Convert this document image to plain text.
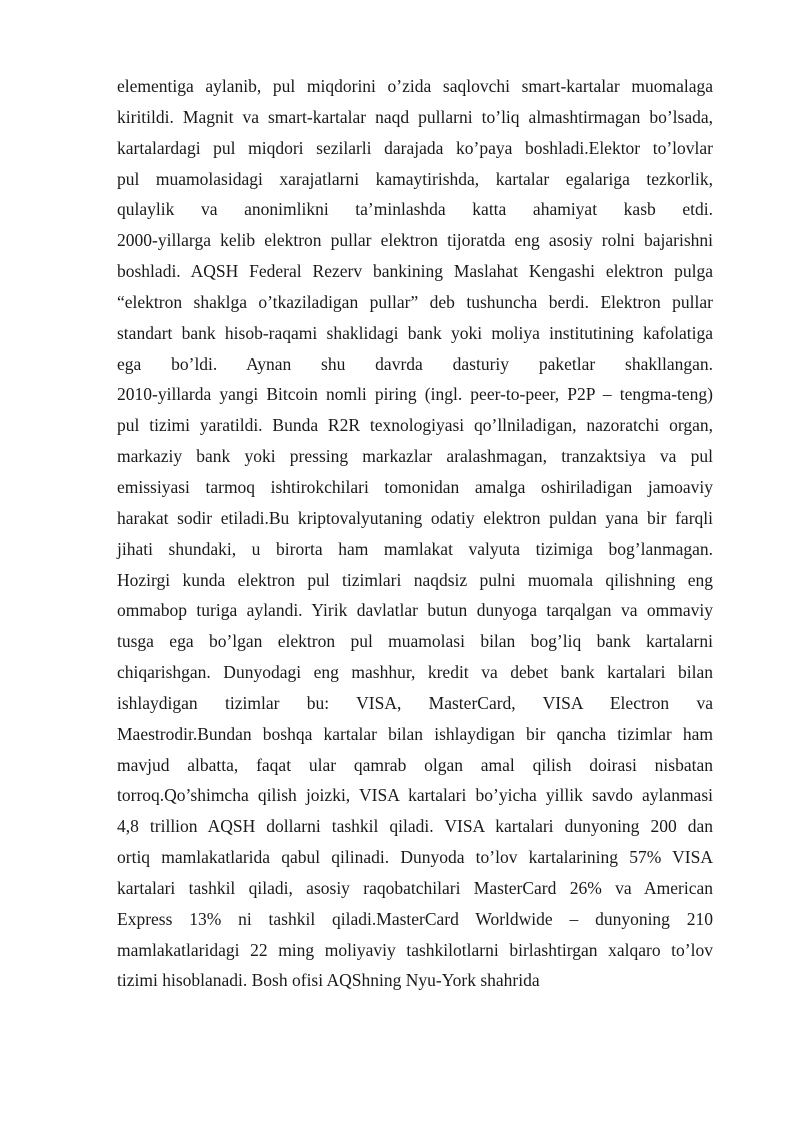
elementiga aylanib, pul miqdorini o’zida saqlovchi smart-kartalar muomalaga
kiritildi. Magnit va smart-kartalar naqd pullarni to’liq almashtirmagan bo’lsada,
kartalardagi pul miqdori sezilarli darajada ko’paya boshladi.Elektor to’lovlar
pul muamolasidagi xarajatlarni kamaytirishda, kartalar egalariga tezkorlik,
qulaylik va anonimlikni ta’minlashda katta ahamiyat kasb etdi.
2000-yillarga kelib elektron pullar elektron tijoratda eng asosiy rolni bajarishni
boshladi. AQSH Federal Rezerv bankining Maslahat Kengashi elektron pulga
“elektron shaklga o’tkaziladigan pullar” deb tushuncha berdi. Elektron pullar
standart bank hisob-raqami shaklidagi bank yoki moliya institutining kafolatiga
ega bo’ldi. Aynan shu davrda dasturiy paketlar shakllangan.
2010-yillarda yangi Bitcoin nomli piring (ingl. peer-to-peer, P2P – tengma-teng)
pul tizimi yaratildi. Bunda R2R texnologiyasi qo’llniladigan, nazoratchi organ,
markaziy bank yoki pressing markazlar aralashmagan, tranzaktsiya va pul
emissiyasi tarmoq ishtirokchilari tomonidan amalga oshiriladigan jamoaviy
harakat sodir etiladi.Bu kriptovalyutaning odatiy elektron puldan yana bir farqli
jihati shundaki, u birorta ham mamlakat valyuta tizimiga bog’lanmagan.
Hozirgi kunda elektron pul tizimlari naqdsiz pulni muomala qilishning eng
ommabop turiga aylandi. Yirik davlatlar butun dunyoga tarqalgan va ommaviy
tusga ega bo’lgan elektron pul muamolasi bilan bog’liq bank kartalarni
chiqarishgan. Dunyodagi eng mashhur, kredit va debet bank kartalari bilan
ishlaydigan tizimlar bu: VISA, MasterCard, VISA Electron va
Maestrodir.Bundan boshqa kartalar bilan ishlaydigan bir qancha tizimlar ham
mavjud albatta, faqat ular qamrab olgan amal qilish doirasi nisbatan
torroq.Qo’shimcha qilish joizki, VISA kartalari bo’yicha yillik savdo aylanmasi
4,8 trillion AQSH dollarni tashkil qiladi. VISA kartalari dunyoning 200 dan
ortiq mamlakatlarida qabul qilinadi. Dunyoda to’lov kartalarining 57% VISA
kartalari tashkil qiladi, asosiy raqobatchilari MasterCard 26% va American
Express 13% ni tashkil qiladi.MasterCard Worldwide – dunyoning 210
mamlakatlaridagi 22 ming moliyaviy tashkilotlarni birlashtirgan xalqaro to’lov
tizimi hisoblanadi. Bosh ofisi AQShning Nyu-York shahrida
